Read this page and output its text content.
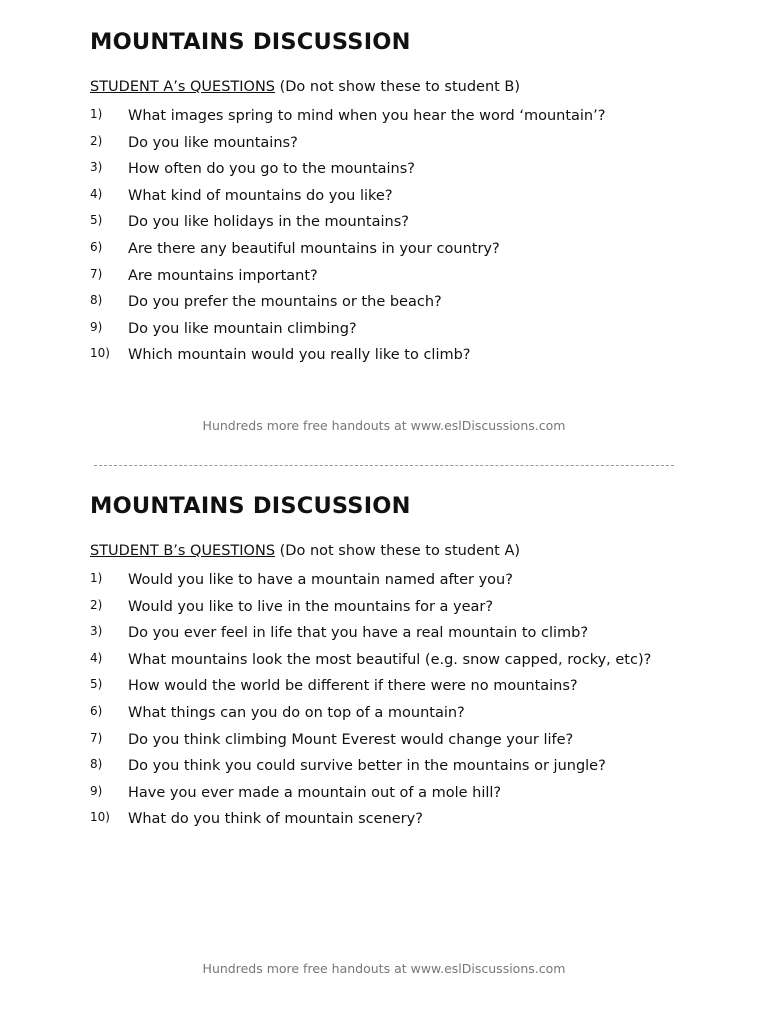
MOUNTAINS DISCUSSION
STUDENT A’s QUESTIONS (Do not show these to student B)
1)	What images spring to mind when you hear the word ‘mountain’?
2)	Do you like mountains?
3)	How often do you go to the mountains?
4)	What kind of mountains do you like?
5)	Do you like holidays in the mountains?
6)	Are there any beautiful mountains in your country?
7)	Are mountains important?
8)	Do you prefer the mountains or the beach?
9)	Do you like mountain climbing?
10)	Which mountain would you really like to climb?
Hundreds more free handouts at www.eslDiscussions.com
MOUNTAINS DISCUSSION
STUDENT B’s QUESTIONS (Do not show these to student A)
1)	Would you like to have a mountain named after you?
2)	Would you like to live in the mountains for a year?
3)	Do you ever feel in life that you have a real mountain to climb?
4)	What mountains look the most beautiful (e.g. snow capped, rocky, etc)?
5)	How would the world be different if there were no mountains?
6)	What things can you do on top of a mountain?
7)	Do you think climbing Mount Everest would change your life?
8)	Do you think you could survive better in the mountains or jungle?
9)	Have you ever made a mountain out of a mole hill?
10)	What do you think of mountain scenery?
Hundreds more free handouts at www.eslDiscussions.com
